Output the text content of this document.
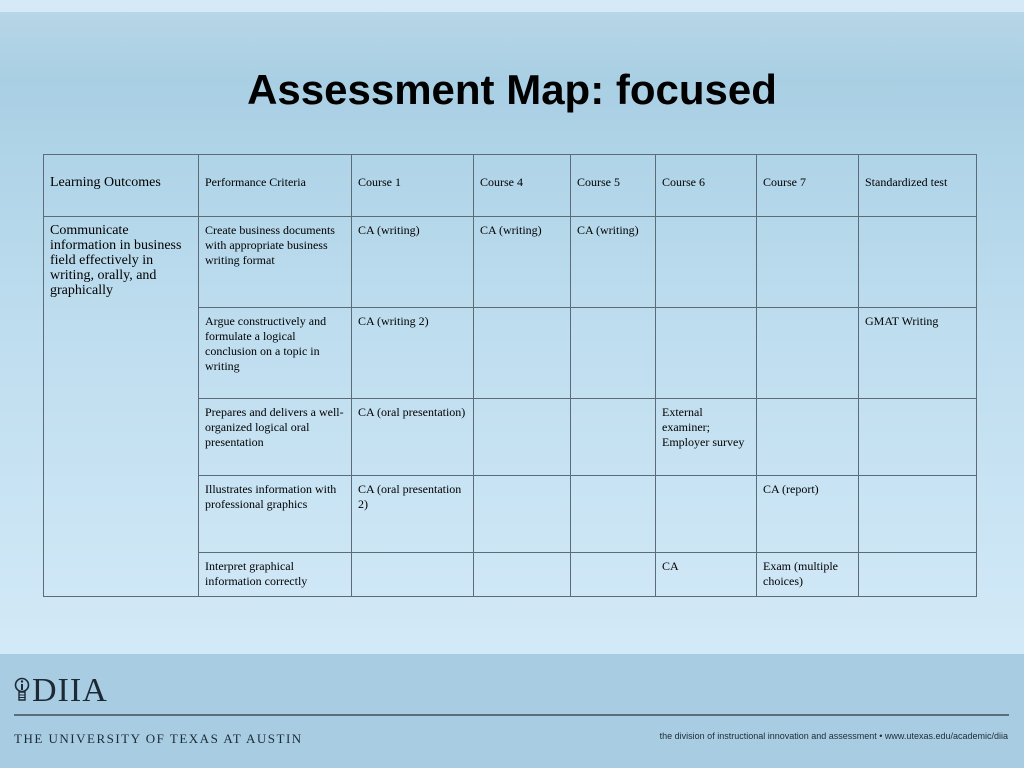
Assessment Map: focused
Learning Outcomes	Performance Criteria	Course 1	Course 4	Course 5	Course 6	Course 7	Standardized test
Communicate information in business field effectively in writing, orally, and graphically	Create business documents with appropriate business writing format	CA (writing)	CA (writing)	CA (writing)			
	Argue constructively and formulate a logical conclusion on a topic in writing	CA (writing 2)					GMAT Writing
	Prepares and delivers a well-organized logical oral presentation	CA (oral presentation)			External examiner; Employer survey		
	Illustrates information with professional graphics	CA (oral presentation 2)				CA (report)	
	Interpret graphical information correctly				CA	Exam (multiple choices)	
DIIA
THE UNIVERSITY OF TEXAS AT AUSTIN	the division of instructional innovation and assessment • www.utexas.edu/academic/diia
